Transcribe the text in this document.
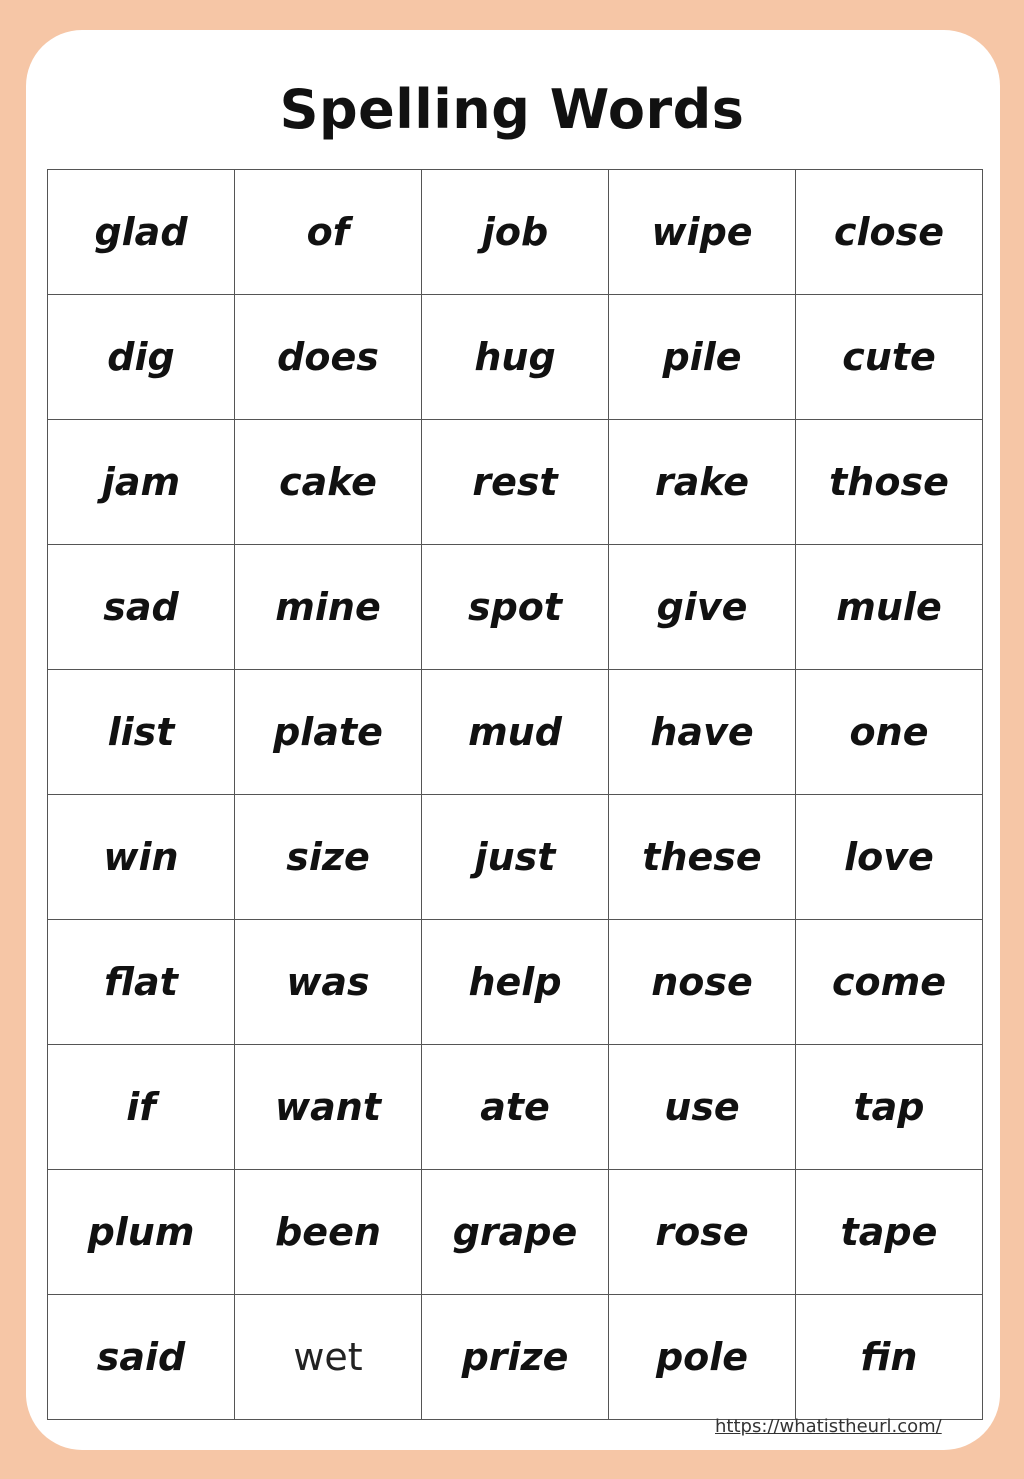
Spelling Words
glad	of	job	wipe	close
dig	does	hug	pile	cute
jam	cake	rest	rake	those
sad	mine	spot	give	mule
list	plate	mud	have	one
win	size	just	these	love
flat	was	help	nose	come
if	want	ate	use	tap
plum	been	grape	rose	tape
said	wet	prize	pole	fin
https://whatistheurl.com/
